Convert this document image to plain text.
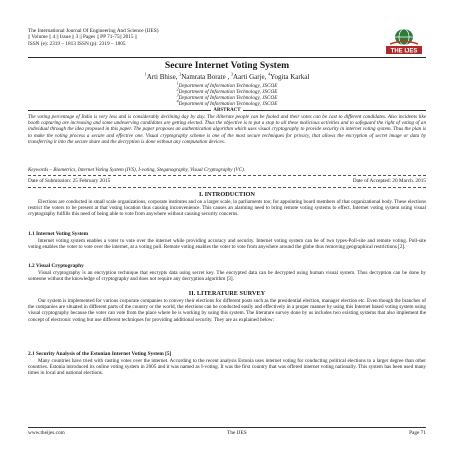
The International Journal Of Engineering And Science (IJES)
|| Volume || 4 || Issue || 3 || Pages || PP 71-75|| 2015 ||
ISSN (e): 2319 – 1813 ISSN (p): 2319 – 1805
THE IJES
Secure Internet Voting System
$^1$Arti Bhise, $^2$Namrata Borate , $^3$Aarti Garje, $^4$Yogita Karkal
$^1$Department of Information Technology, JSCOE
$^2$Department of Information Technology, JSCOE
$^3$Department of Information Technology, JSCOE
$^4$Department of Information Technology, JSCOE
ABSTRACT
The voting percentage of India is very less and is considerably declining day by day. The illiterate people can be fooled and their votes can be cast to different candidates. Also incidents like booth capturing are increasing and some undeserving candidates are getting elected. Thus the objective is to put a stop to all these malicious activities and to safeguard the right of voting of an individual through the idea proposed in this paper. The paper proposes an authentication algorithm which uses visual cryptography to provide security in internet voting system. Thus the plan is to make the voting process a secure and effective one. Visual cryptography scheme is one of the most secure techniques for privacy, that allows the encryption of secret image or data by transferring it into the secure share and the decryption is done without any computation devices.
Keywords – Biometrics, Internet Voting System (IVS), I-voting, Steganography, Visual Cryptography (VC).
Date of Submission: 25 February 2015	Date of Accepted: 20 March. 2015
I. INTRODUCTION
Elections are conducted in small scale organizations, corporate institutes and on a larger scale, in parliaments too; for appointing board members of that organizational body. These elections restrict the voters to be present at that voting location thus causing inconvenience. This causes an alarming need to bring remote voting systems to effect. Internet voting system using visual cryptography fulfills this need of being able to vote from anywhere without causing security concerns.
1.1 Internet Voting System
Internet voting system enables a voter to vote over the internet while providing accuracy and security. Internet voting system can be of two types-Poll-site and remote voting. Poll-site voting enables the voter to vote over the internet, at a voting poll. Remote voting enables the voter to vote from anywhere around the globe thus removing geographical restrictions [2].
1.2 Visual Cryptography
Visual cryptography is an encryption technique that encrypts data using secret key. The encrypted data can be decrypted using human visual system. Thus decryption can be done by someone without the knowledge of cryptography and does not require any decryption algorithm [3].
II. LITERATURE SURVEY
Our system is implemented for various corporate companies to convey their elections for different posts such as the presidential election, manager election etc. Even though the branches of the companies are situated in different parts of the country or the world, the elections can be conducted easily and effectively in a proper manner by using this Internet based voting system using visual cryptography because the voter can vote from the place where he is working by using this system. The literature survey done by us includes two existing systems that also implement the concept of electronic voting but use different techniques for providing additional security. They are as explained below:
2.1 Security Analysis of the Estonian Internet Voting System [5]
Many countries have tried with casting votes over the internet. According to the recent analysis Estonia uses internet voting for conducting political elections to a larger degree than other countries. Estonia introduced its online voting system in 2005 and it was named as I-voting. It was the first country that was offered internet voting nationally. This system has been used many times in local and national elections.
www.theijes.com	The IJES	Page 71
